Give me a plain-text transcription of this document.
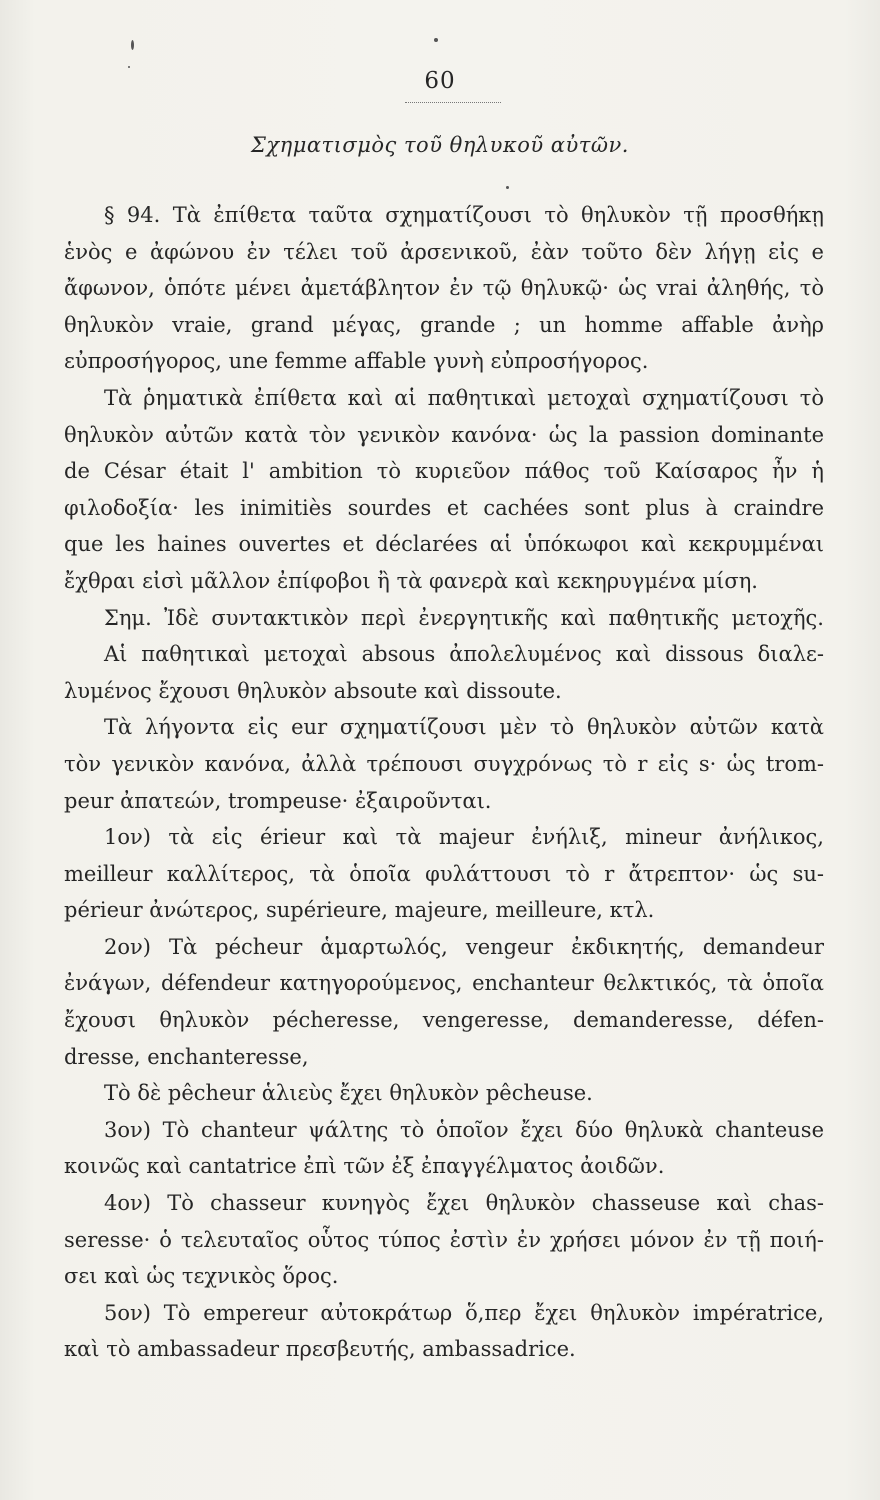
60
Σχηματισμὸς τοῦ θηλυκοῦ αὐτῶν.
§ 94. Τὰ ἐπίθετα ταῦτα σχηματίζουσι τὸ θηλυκὸν τῇ προσθήκῃ
ἑνὸς e ἀφώνου ἐν τέλει τοῦ ἀρσενικοῦ, ἐὰν τοῦτο δὲν λήγῃ εἰς e
ἄφωνον, ὁπότε μένει ἀμετάβλητον ἐν τῷ θηλυκῷ· ὡς vrai ἀληθής, τὸ
θηλυκὸν vraie, grand μέγας, grande ; un homme affable ἀνὴρ
εὐπροσήγορος, une femme affable γυνὴ εὐπροσήγορος.
Τὰ ῥηματικὰ ἐπίθετα καὶ αἱ παθητικαὶ μετοχαὶ σχηματίζουσι τὸ
θηλυκὸν αὐτῶν κατὰ τὸν γενικὸν κανόνα· ὡς la passion dominante
de César était l' ambition τὸ κυριεῦον πάθος τοῦ Καίσαρος ἦν ἡ
φιλοδοξία· les inimitiès sourdes et cachées sont plus à craindre
que les haines ouvertes et déclarées αἱ ὑπόκωφοι καὶ κεκρυμμέναι
ἔχθραι εἰσὶ μᾶλλον ἐπίφοβοι ἢ τὰ φανερὰ καὶ κεκηρυγμένα μίση.
Σημ. Ἰδὲ συντακτικὸν περὶ ἐνεργητικῆς καὶ παθητικῆς μετοχῆς.
Αἱ παθητικαὶ μετοχαὶ absous ἀπολελυμένος καὶ dissous διαλε-
λυμένος ἔχουσι θηλυκὸν absoute καὶ dissoute.
Τὰ λήγοντα εἰς eur σχηματίζουσι μὲν τὸ θηλυκὸν αὐτῶν κατὰ
τὸν γενικὸν κανόνα, ἀλλὰ τρέπουσι συγχρόνως τὸ r εἰς s· ὡς trom-
peur ἀπατεών, trompeuse· ἐξαιροῦνται.
1ον) τὰ εἰς érieur καὶ τὰ majeur ἐνήλιξ, mineur ἀνήλικος,
meilleur καλλίτερος, τὰ ὁποῖα φυλάττουσι τὸ r ἄτρεπτον· ὡς su-
périeur ἀνώτερος, supérieure, majeure, meilleure, κτλ.
2ον) Τὰ pécheur ἁμαρτωλός, vengeur ἐκδικητής, demandeur
ἐνάγων, défendeur κατηγορούμενος, enchanteur θελκτικός, τὰ ὁποῖα
ἔχουσι θηλυκὸν pécheresse, vengeresse, demanderesse, défen-
dresse, enchanteresse,
Τὸ δὲ pêcheur ἁλιεὺς ἔχει θηλυκὸν pêcheuse.
3ον) Τὸ chanteur ψάλτης τὸ ὁποῖον ἔχει δύο θηλυκὰ chanteuse
κοινῶς καὶ cantatrice ἐπὶ τῶν ἐξ ἐπαγγέλματος ἀοιδῶν.
4ον) Τὸ chasseur κυνηγὸς ἔχει θηλυκὸν chasseuse καὶ chas-
seresse· ὁ τελευταῖος οὗτος τύπος ἐστὶν ἐν χρήσει μόνον ἐν τῇ ποιή-
σει καὶ ὡς τεχνικὸς ὅρος.
5ον) Τὸ empereur αὐτοκράτωρ ὅ,περ ἔχει θηλυκὸν impératrice,
καὶ τὸ ambassadeur πρεσβευτής, ambassadrice.
